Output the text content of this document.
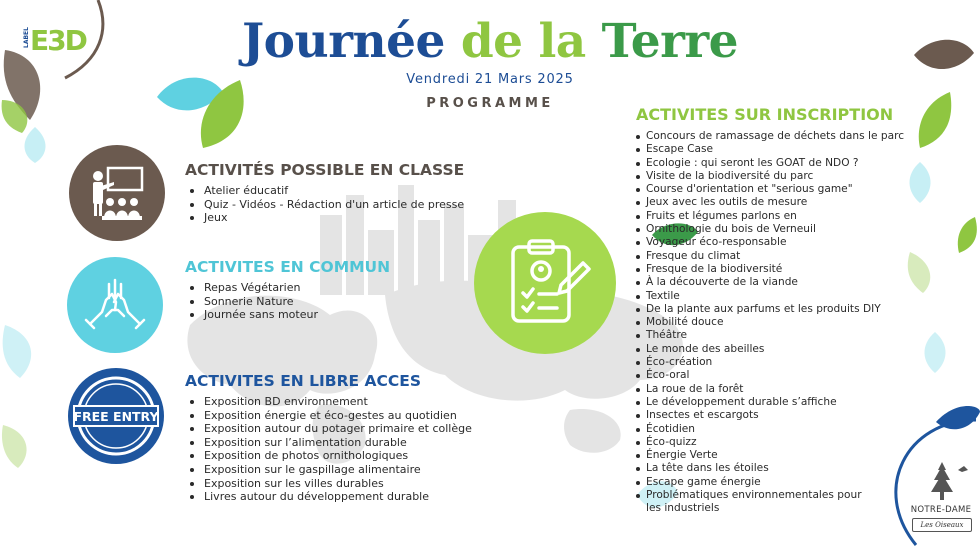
LABEL E3D	Journée de la Terre
Vendredi 21 Mars 2025
PROGRAMME
FREE ENTRY
ACTIVITÉS POSSIBLE EN CLASSE
Atelier éducatif
Quiz - Vidéos - Rédaction d'un article de presse
Jeux
ACTIVITES EN COMMUN
Repas Végétarien
Sonnerie Nature
Journée sans moteur
ACTIVITES EN LIBRE ACCES
Exposition BD environnement
Exposition énergie et éco-gestes au quotidien
Exposition autour du potager primaire et collège
Exposition sur l’alimentation durable
Exposition de photos ornithologiques
Exposition sur le gaspillage alimentaire
Exposition sur les villes durables
Livres autour du développement durable
ACTIVITES SUR INSCRIPTION
Concours de ramassage de déchets dans le parc
Escape Case
Ecologie : qui seront les GOAT de NDO ?
Visite de la biodiversité du parc
Course d'orientation et "serious game"
Jeux avec les outils de mesure
Fruits et légumes parlons en
Ornithologie du bois de Verneuil
Voyageur éco-responsable
Fresque du climat
Fresque de la biodiversité
À la découverte de la viande
Textile
De la plante aux parfums et les produits DIY
Mobilité douce
Théâtre
Le monde des abeilles
Éco-création
Éco-oral
La roue de la forêt
Le développement durable s’affiche
Insectes et escargots
Écotidien
Éco-quizz
Énergie Verte
La tête dans les étoiles
Escape game énergie
Problématiques environnementales pour les industriels	NOTRE-DAME
Les Oiseaux
